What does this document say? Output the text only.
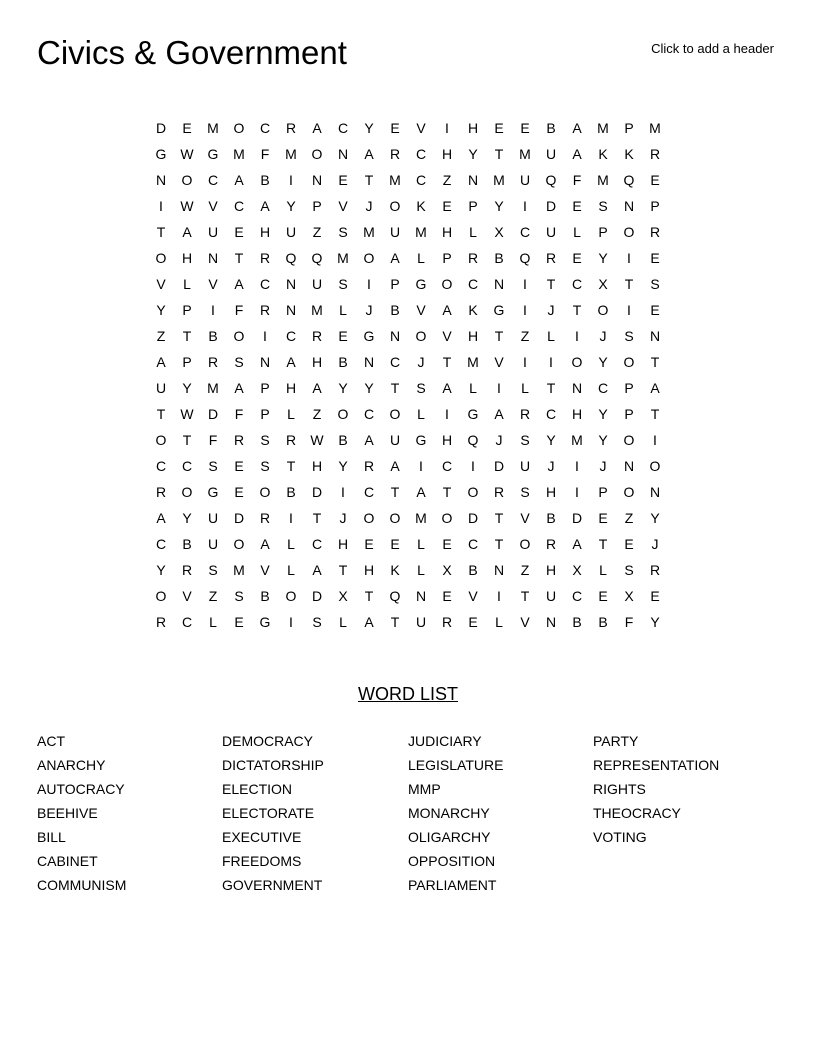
Civics & Government	Click to add a header
D	E	M	O	C	R	A	C	Y	E	V	I	H	E	E	B	A	M	P	M
G W G	M	F	M	O	N	A	R	C	H	Y	T	M	U	A	K	K	R
N	O	C	A	B	I	N	E	T	M	C	Z	N	M	U	Q	F	M	Q	E
I	W	V	C	A	Y	P	V	J	O	K	E	P	Y	I	D	E	S	N	P
T	A	U	E	H	U	Z	S	M	U	M	H	L	X	C	U	L	P	O	R
O	H	N	T	R	Q	Q	M	O	A	L	P	R	B	Q	R	E	Y	I	E
V	L	V	A	C	N	U	S	I	P	G	O	C	N	I	T	C	X	T	S
Y	P	I	F	R	N	M	L	J	B	V	A	K	G	I	J	T	O	I	E
Z	T	B	O	I	C	R	E	G	N	O	V	H	T	Z	L	I	J	S	N
A	P	R	S	N	A	H	B	N	C	J	T	M	V	I	I	O	Y	O	T
U	Y	M	A	P	H	A	Y	Y	T	S	A	L	I	L	T	N	C	P	A
T	W	D	F	P	L	Z	O	C	O	L	I	G	A	R	C	H	Y	P	T
O	T	F	R	S	R	W	B	A	U	G	H	Q	J	S	Y	M	Y	O	I
C	C	S	E	S	T	H	Y	R	A	I	C	I	D	U	J	I	J	N	O
R	O	G	E	O	B	D	I	C	T	A	T	O	R	S	H	I	P	O	N
A	Y	U	D	R	I	T	J	O	O	M	O	D	T	V	B	D	E	Z	Y
C	B	U	O	A	L	C	H	E	E	L	E	C	T	O	R	A	T	E	J
Y	R	S	M	V	L	A	T	H	K	L	X	B	N	Z	H	X	L	S	R
O	V	Z	S	B	O	D	X	T	Q	N	E	V	I	T	U	C	E	X	E
R	C	L	E	G	I	S	L	A	T	U	R	E	L	V	N	B	B	F	Y
WORD LIST
ACT
ANARCHY
AUTOCRACY
BEEHIVE
BILL
CABINET
COMMUNISM
DEMOCRACY
DICTATORSHIP
ELECTION
ELECTORATE
EXECUTIVE
FREEDOMS
GOVERNMENT
JUDICIARY
LEGISLATURE
MMP
MONARCHY
OLIGARCHY
OPPOSITION
PARLIAMENT
PARTY
REPRESENTATION
RIGHTS
THEOCRACY
VOTING
